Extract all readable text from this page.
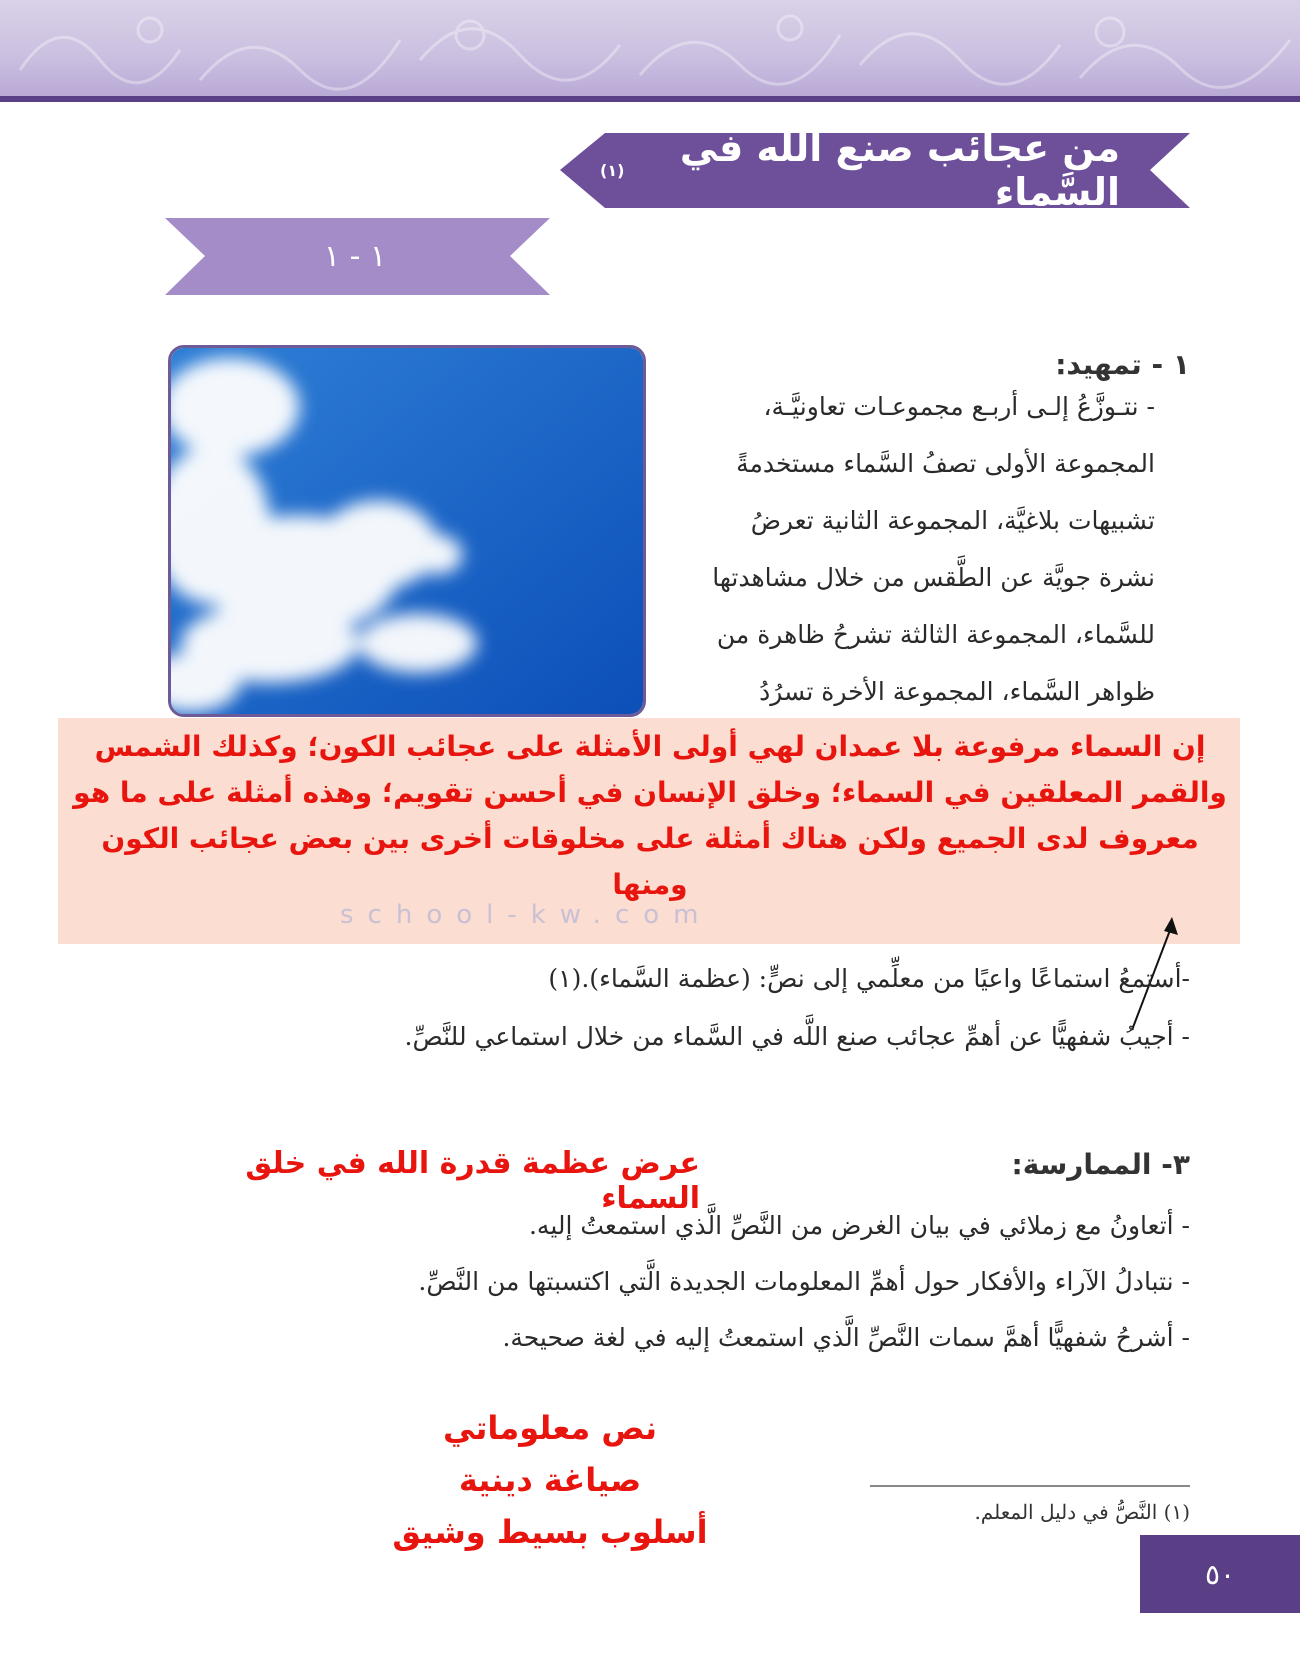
من عجائب صنع الله في السَّماء
(١)
١ - ١
١ - تمهيد:
- نتـوزَّعُ إلـى أربـع مجموعـات تعاونيَّـة،
المجموعة الأولى تصفُ السَّماء مستخدمةً
تشبيهات بلاغيَّة، المجموعة الثانية تعرضُ
نشرة جويَّة عن الطَّقس من خلال مشاهدتها
للسَّماء، المجموعة الثالثة تشرحُ ظاهرة من
ظواهر السَّماء، المجموعة الأخرة تسرُدُ
إن السماء مرفوعة بلا عمدان لهي أولى الأمثلة على عجائب الكون؛ وكذلك الشمس والقمر المعلقين في السماء؛ وخلق الإنسان في أحسن تقويم؛ وهذه أمثلة على ما هو معروف لدى الجميع ولكن هناك أمثلة على مخلوقات أخرى بين بعض عجائب الكون ومنها
school-kw.com
-أستمعُ استماعًا واعيًا من معلِّمي إلى نصٍّ: (عظمة السَّماء).(١)
- أجيبُ شفهيًّا عن أهمِّ عجائب صنع اللَّه في السَّماء من خلال استماعي للنَّصِّ.
٣- الممارسة:
عرض عظمة قدرة الله في خلق السماء
- أتعاونُ مع زملائي في بيان الغرض من النَّصِّ الَّذي استمعتُ إليه.
- نتبادلُ الآراء والأفكار حول أهمِّ المعلومات الجديدة الَّتي اكتسبتها من النَّصِّ.
- أشرحُ شفهيًّا أهمَّ سمات النَّصِّ الَّذي استمعتُ إليه في لغة صحيحة.
نص معلوماتي
صياغة دينية
أسلوب بسيط وشيق
(١) النَّصُّ في دليل المعلم.
٥٠
